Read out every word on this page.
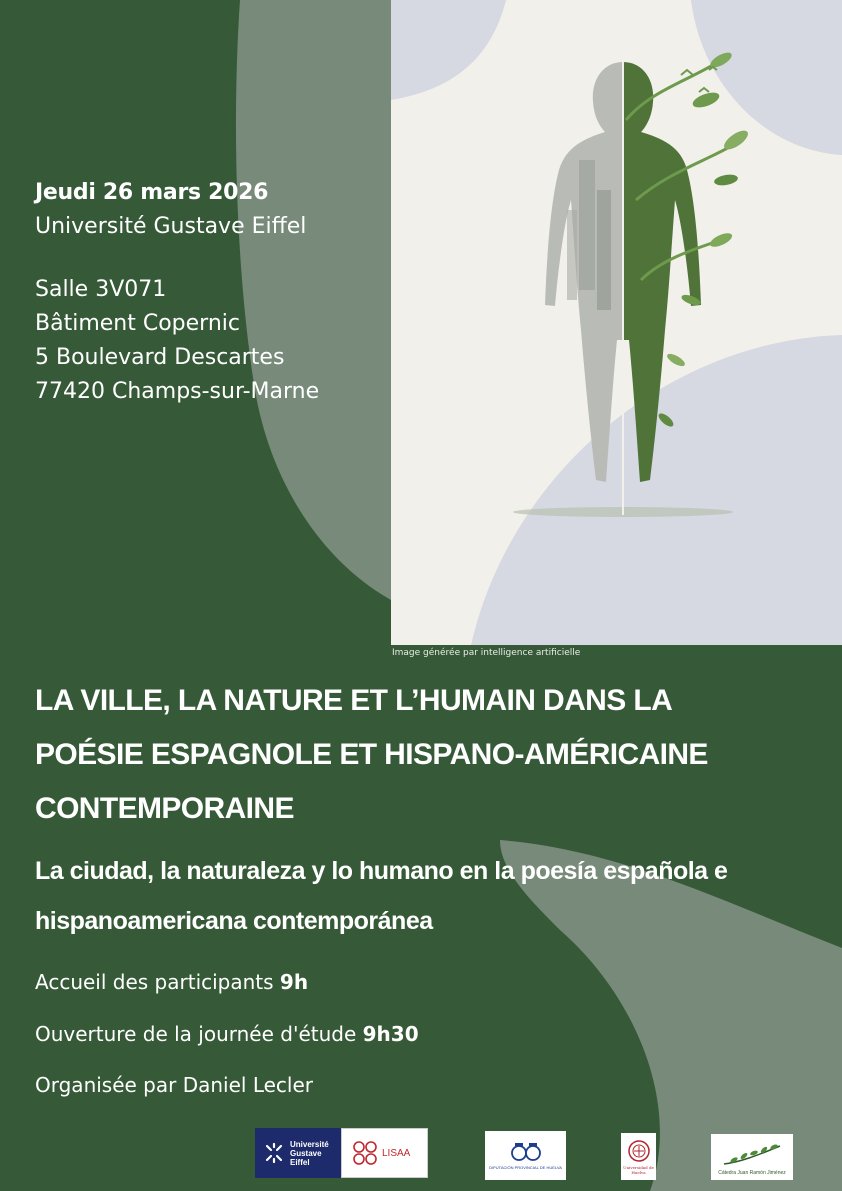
Image générée par intelligence artificielle
Jeudi 26 mars 2026
Université Gustave Eiffel
Salle 3V071
Bâtiment Copernic
5 Boulevard Descartes
77420 Champs-sur-Marne
LA VILLE, LA NATURE ET L’HUMAIN DANS LA
POÉSIE ESPAGNOLE ET HISPANO-AMÉRICAINE
CONTEMPORAINE
La ciudad, la naturaleza y lo humano en la poesía española e
hispanoamericana contemporánea
Accueil des participants 9h
Ouverture de la journée d'étude 9h30
Organisée par Daniel Lecler
Université
Gustave
Eiffel
LISAA
DIPUTACIÓN PROVINCIAL DE HUELVA	Universidad de Huelva	Cátedra Juan Ramón Jiménez
